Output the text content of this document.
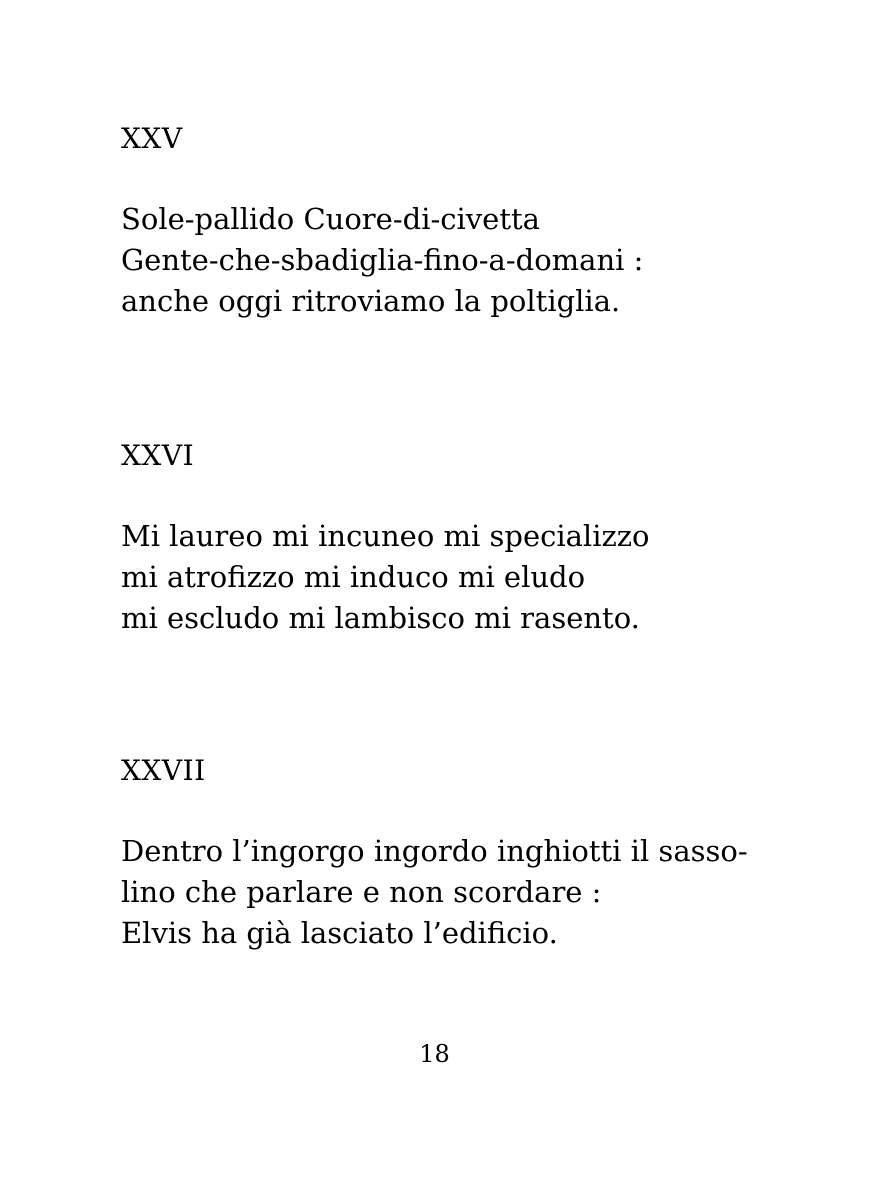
XXV

Sole-pallido Cuore-di-civetta

Gente-che-sbadiglia-fino-a-domani :

anche oggi ritroviamo la poltiglia.

XXVI

Mi laureo mi incuneo mi specializzo

mi atrofizzo mi induco mi eludo

mi escludo mi lambisco mi rasento.

XXVII

Dentro l’ingorgo ingordo inghiotti il sasso-

lino che parlare e non scordare :

Elvis ha già lasciato l’edificio.

18
